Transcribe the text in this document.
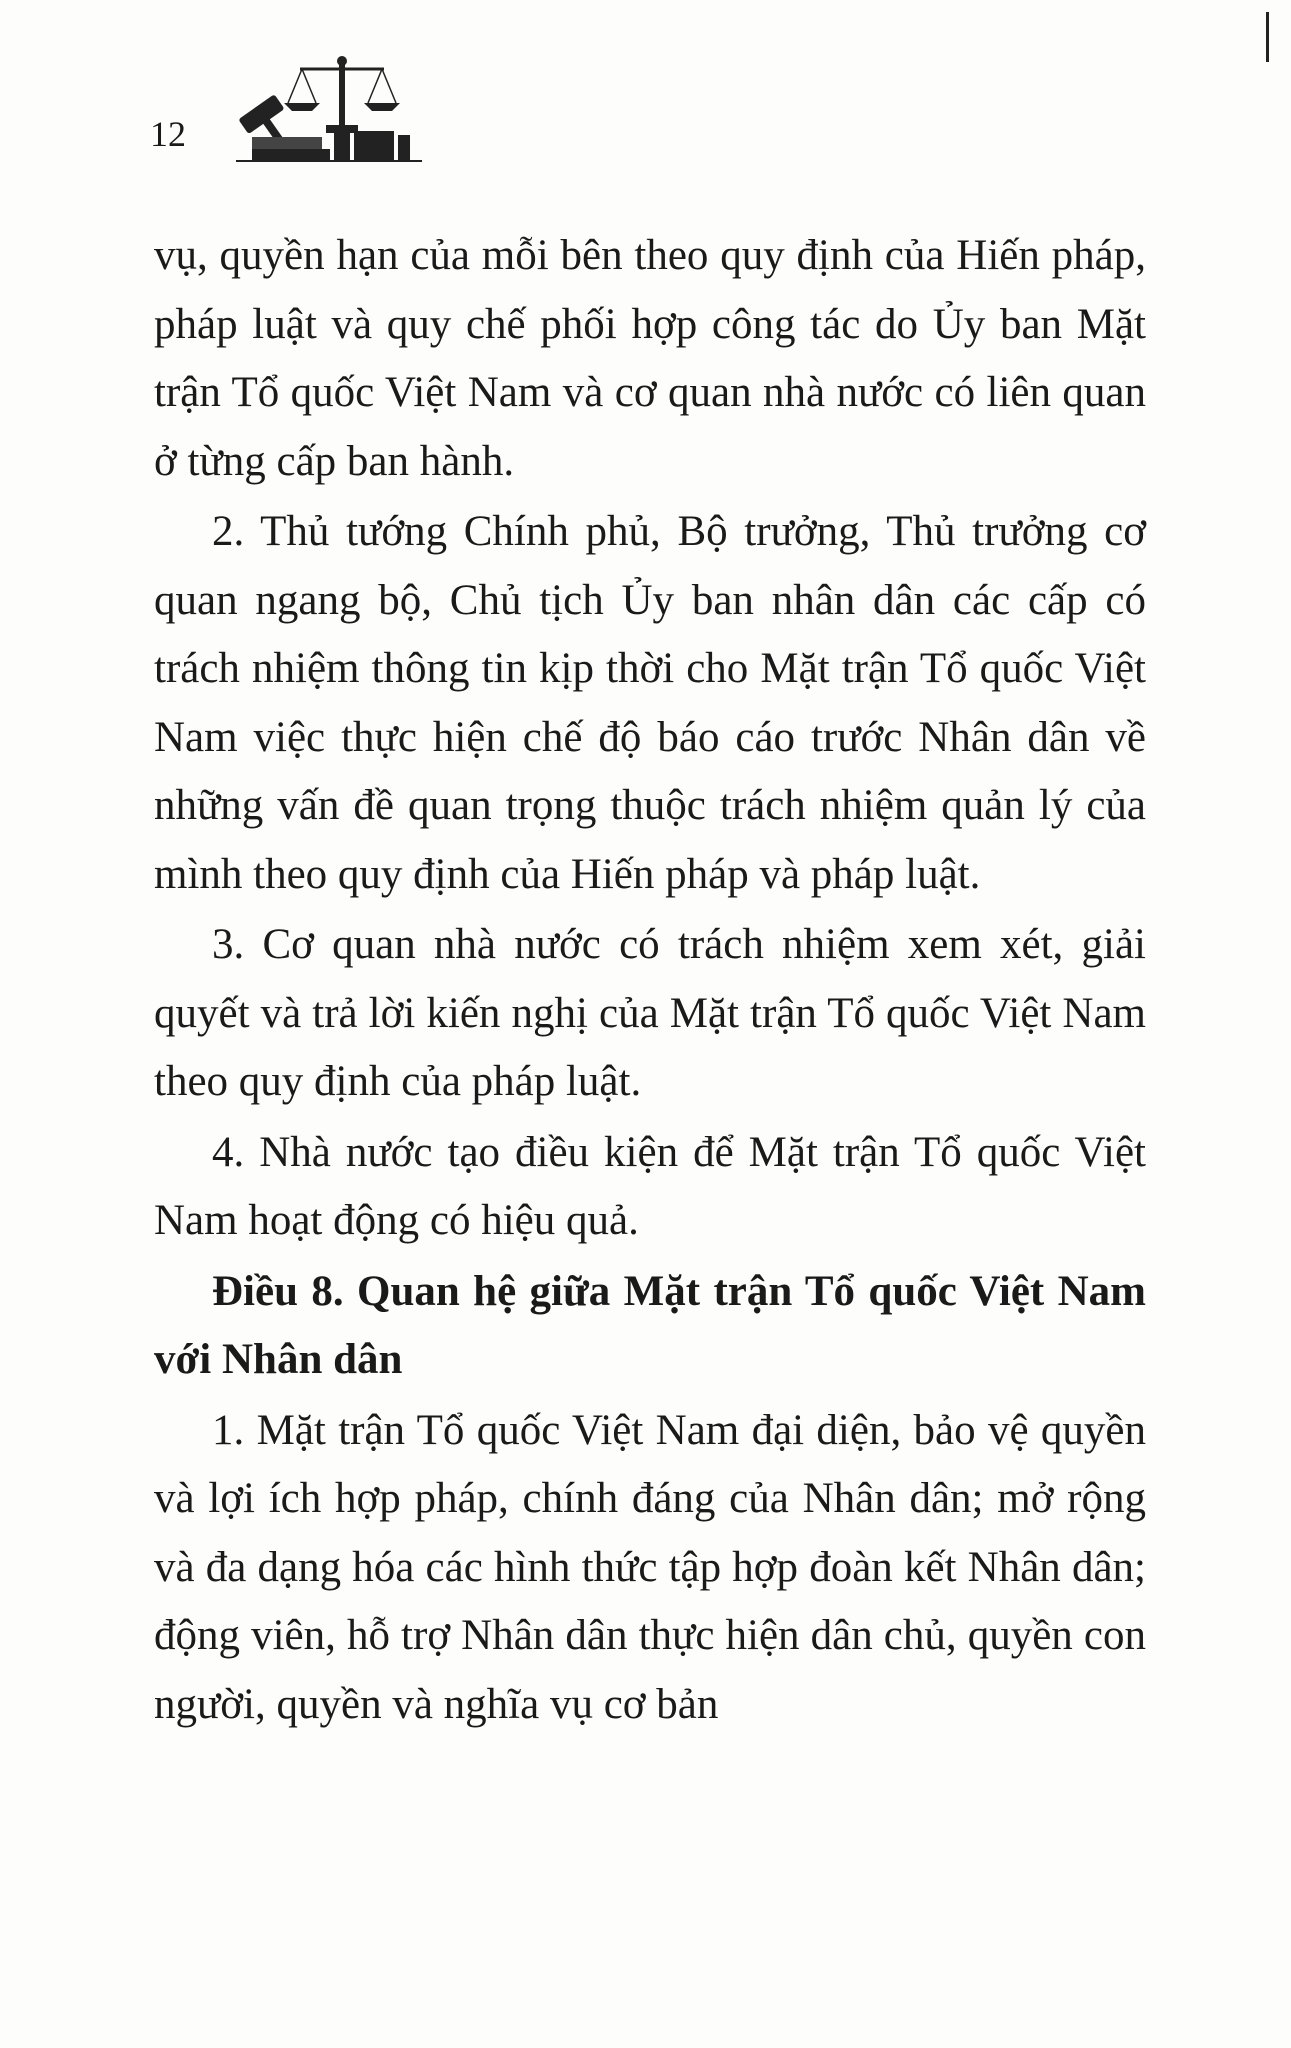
12

vụ, quyền hạn của mỗi bên theo quy định của Hiến pháp, pháp luật và quy chế phối hợp công tác do Ủy ban Mặt trận Tổ quốc Việt Nam và cơ quan nhà nước có liên quan ở từng cấp ban hành.

2. Thủ tướng Chính phủ, Bộ trưởng, Thủ trưởng cơ quan ngang bộ, Chủ tịch Ủy ban nhân dân các cấp có trách nhiệm thông tin kịp thời cho Mặt trận Tổ quốc Việt Nam việc thực hiện chế độ báo cáo trước Nhân dân về những vấn đề quan trọng thuộc trách nhiệm quản lý của mình theo quy định của Hiến pháp và pháp luật.

3. Cơ quan nhà nước có trách nhiệm xem xét, giải quyết và trả lời kiến nghị của Mặt trận Tổ quốc Việt Nam theo quy định của pháp luật.

4. Nhà nước tạo điều kiện để Mặt trận Tổ quốc Việt Nam hoạt động có hiệu quả.

Điều 8. Quan hệ giữa Mặt trận Tổ quốc Việt Nam với Nhân dân

1. Mặt trận Tổ quốc Việt Nam đại diện, bảo vệ quyền và lợi ích hợp pháp, chính đáng của Nhân dân; mở rộng và đa dạng hóa các hình thức tập hợp đoàn kết Nhân dân; động viên, hỗ trợ Nhân dân thực hiện dân chủ, quyền con người, quyền và nghĩa vụ cơ bản
